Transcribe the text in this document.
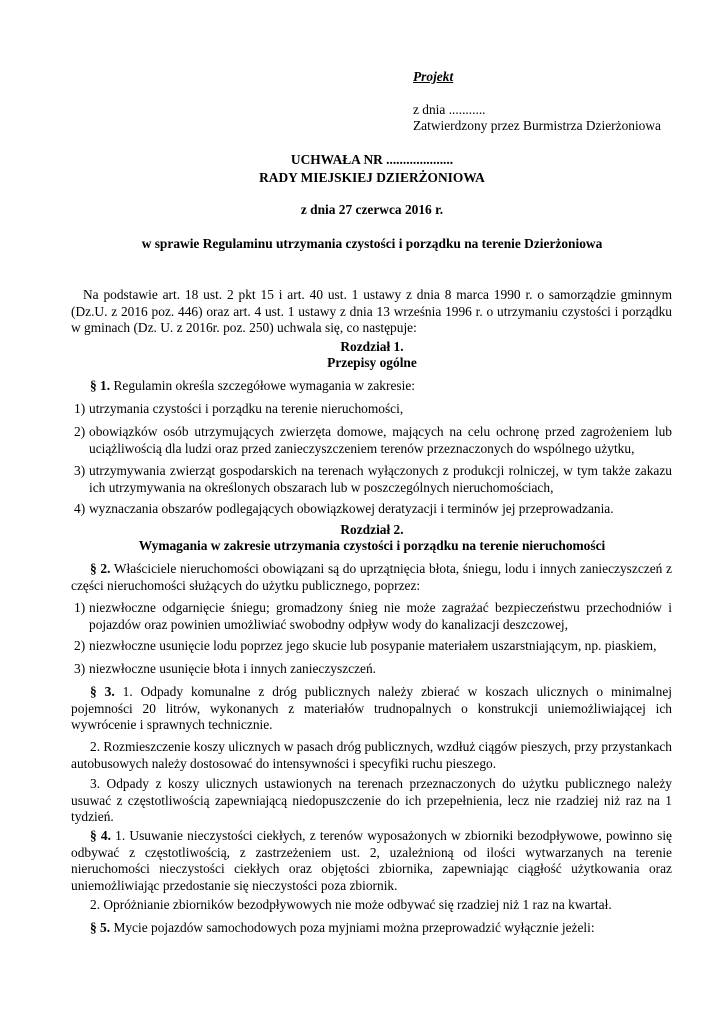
Projekt
z dnia ...........
Zatwierdzony przez Burmistrza Dzierżoniowa
UCHWAŁA NR ....................
RADY MIEJSKIEJ DZIERŻONIOWA
z dnia 27 czerwca 2016 r.
w sprawie Regulaminu utrzymania czystości i porządku na terenie Dzierżoniowa
Na podstawie art. 18 ust. 2 pkt 15 i art. 40 ust. 1 ustawy z dnia 8 marca 1990 r. o samorządzie gminnym (Dz.U. z 2016 poz. 446) oraz art. 4 ust. 1 ustawy z dnia 13 września 1996 r. o utrzymaniu czystości i porządku w gminach (Dz. U. z 2016r. poz. 250) uchwala się, co następuje:
Rozdział 1.
Przepisy ogólne
§ 1. Regulamin określa szczegółowe wymagania w zakresie:
1) utrzymania czystości i porządku na terenie nieruchomości,
2) obowiązków osób utrzymujących zwierzęta domowe, mających na celu ochronę przed zagrożeniem lub uciążliwością dla ludzi oraz przed zanieczyszczeniem terenów przeznaczonych do wspólnego użytku,
3) utrzymywania zwierząt gospodarskich na terenach wyłączonych z produkcji rolniczej, w tym także zakazu ich utrzymywania na określonych obszarach lub w poszczególnych nieruchomościach,
4) wyznaczania obszarów podlegających obowiązkowej deratyzacji i terminów jej przeprowadzania.
Rozdział 2.
Wymagania w zakresie utrzymania czystości i porządku na terenie nieruchomości
§ 2. Właściciele nieruchomości obowiązani są do uprzątnięcia błota, śniegu, lodu i innych zanieczyszczeń z części nieruchomości służących do użytku publicznego, poprzez:
1) niezwłoczne odgarnięcie śniegu; gromadzony śnieg nie może zagrażać bezpieczeństwu przechodniów i pojazdów oraz powinien umożliwiać swobodny odpływ wody do kanalizacji deszczowej,
2) niezwłoczne usunięcie lodu poprzez jego skucie lub posypanie materiałem uszarstniającym, np. piaskiem,
3) niezwłoczne usunięcie błota i innych zanieczyszczeń.
§ 3. 1. Odpady komunalne z dróg publicznych należy zbierać w koszach ulicznych o minimalnej pojemności 20 litrów, wykonanych z materiałów trudnopalnych o konstrukcji uniemożliwiającej ich wywrócenie i sprawnych technicznie.
2. Rozmieszczenie koszy ulicznych w pasach dróg publicznych, wzdłuż ciągów pieszych, przy przystankach autobusowych należy dostosować do intensywności i specyfiki ruchu pieszego.
3. Odpady z koszy ulicznych ustawionych na terenach przeznaczonych do użytku publicznego należy usuwać z częstotliwością zapewniającą niedopuszczenie do ich przepełnienia, lecz nie rzadziej niż raz na 1 tydzień.
§ 4. 1. Usuwanie nieczystości ciekłych, z terenów wyposażonych w zbiorniki bezodpływowe, powinno się odbywać z częstotliwością, z zastrzeżeniem ust. 2, uzależnioną od ilości wytwarzanych na terenie nieruchomości nieczystości ciekłych oraz objętości zbiornika, zapewniając ciągłość użytkowania oraz uniemożliwiając przedostanie się nieczystości poza zbiornik.
2. Opróżnianie zbiorników bezodpływowych nie może odbywać się rzadziej niż 1 raz na kwartał.
§ 5. Mycie pojazdów samochodowych poza myjniami można przeprowadzić wyłącznie jeżeli:
